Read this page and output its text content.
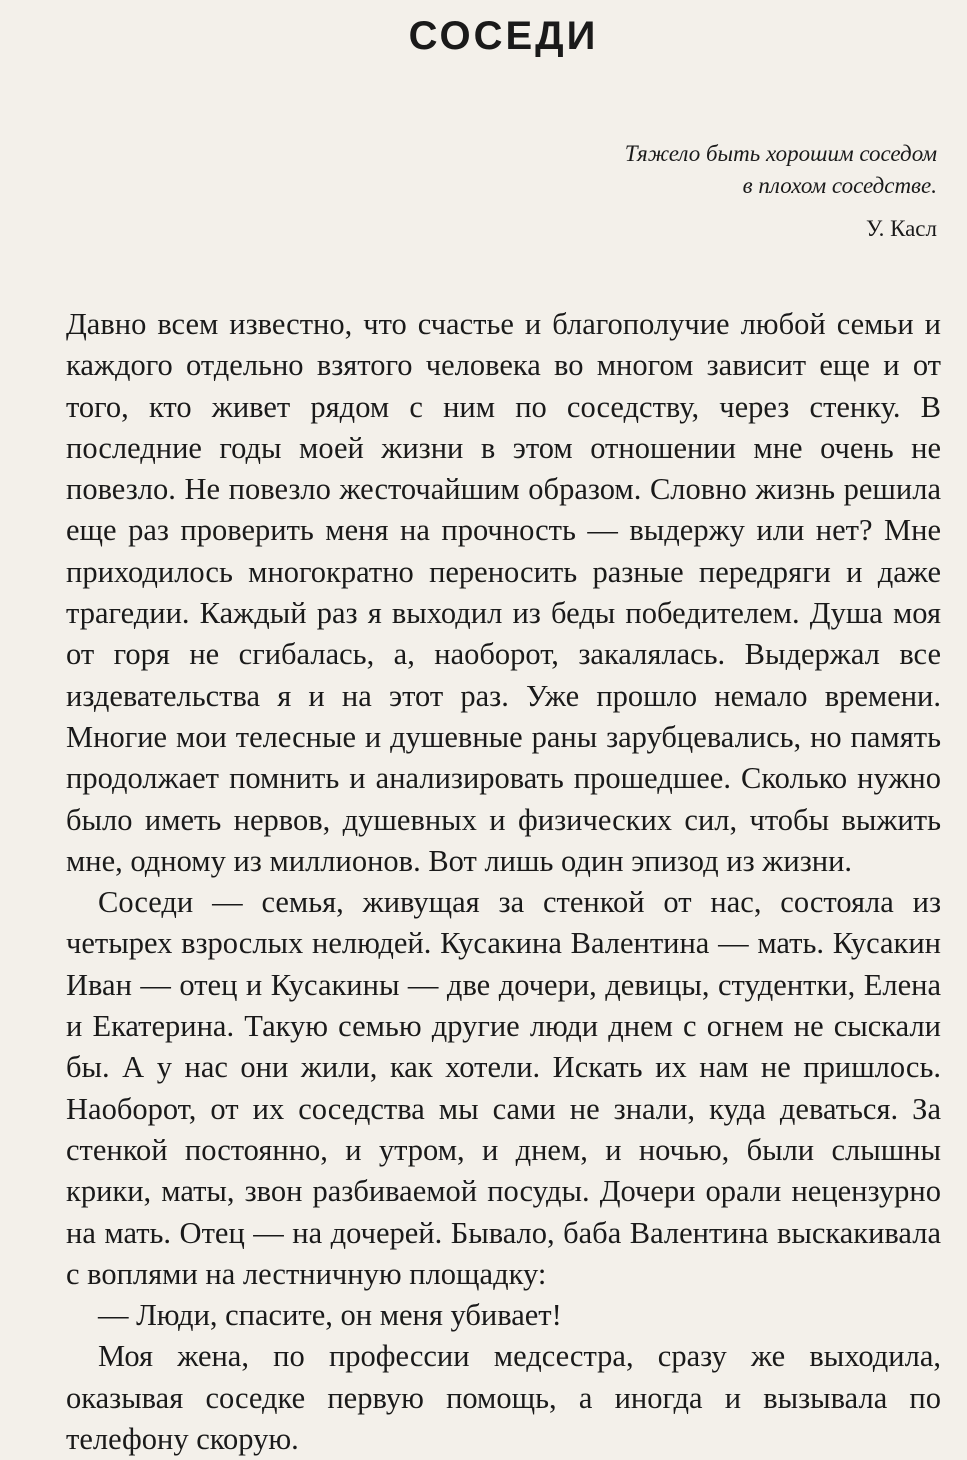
СОСЕДИ
Тяжело быть хорошим соседом
в плохом соседстве.
У. Касл

Давно всем известно, что счастье и благополучие любой семьи и каждого отдельно взятого человека во многом зависит еще и от того, кто живет рядом с ним по соседству, через стенку. В последние годы моей жизни в этом отношении мне очень не повезло. Не повезло жесточайшим образом. Словно жизнь решила еще раз проверить меня на прочность — выдержу или нет? Мне приходилось многократно переносить разные передряги и даже трагедии. Каждый раз я выходил из беды победителем. Душа моя от горя не сгибалась, а, наоборот, закалялась. Выдержал все издевательства я и на этот раз. Уже прошло немало времени. Многие мои телесные и душевные раны зарубцевались, но память продолжает помнить и анализировать прошедшее. Сколько нужно было иметь нервов, душевных и физических сил, чтобы выжить мне, одному из миллионов. Вот лишь один эпизод из жизни.

Соседи — семья, живущая за стенкой от нас, состояла из четырех взрослых нелюдей. Кусакина Валентина — мать. Кусакин Иван — отец и Кусакины — две дочери, девицы, студентки, Елена и Екатерина. Такую семью другие люди днем с огнем не сыскали бы. А у нас они жили, как хотели. Искать их нам не пришлось. Наоборот, от их соседства мы сами не знали, куда деваться. За стенкой постоянно, и утром, и днем, и ночью, были слышны крики, маты, звон разбиваемой посуды. Дочери орали нецензурно на мать. Отец — на дочерей. Бывало, баба Валентина выскакивала с воплями на лестничную площадку:

— Люди, спасите, он меня убивает!

Моя жена, по профессии медсестра, сразу же выходила, оказывая соседке первую помощь, а иногда и вызывала по телефону скорую.
